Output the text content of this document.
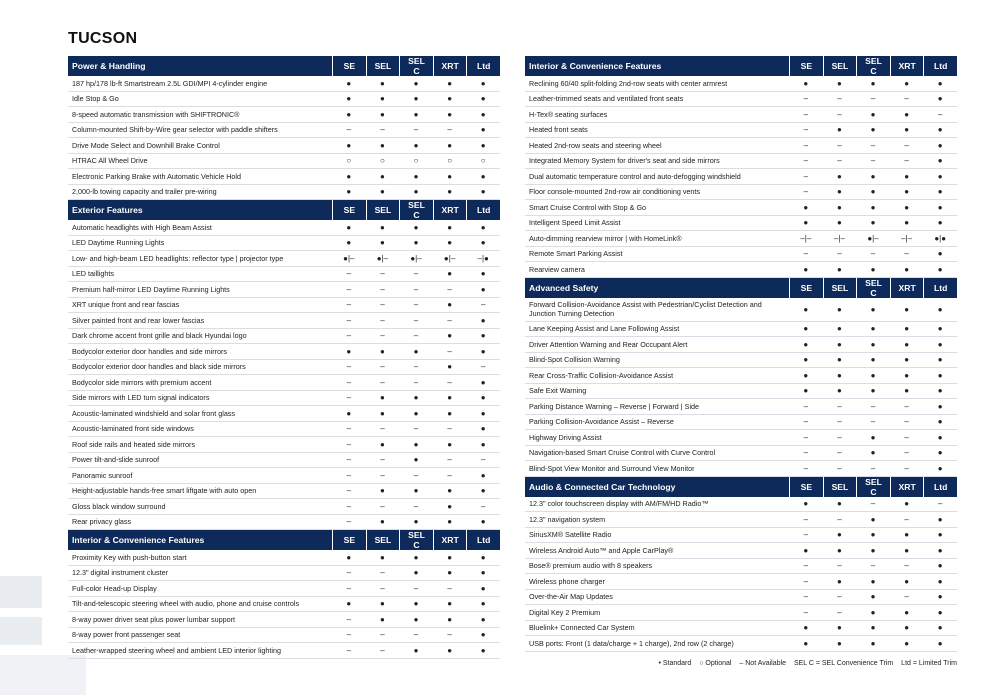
TUCSON
Power & Handling	SE	SEL	SEL C	XRT	Ltd
187 hp/178 lb-ft Smartstream 2.5L GDI/MPI 4-cylinder engine	●	●	●	●	●
Idle Stop & Go	●	●	●	●	●
8-speed automatic transmission with SHIFTRONIC®	●	●	●	●	●
Column-mounted Shift-by-Wire gear selector with paddle shifters	–	–	–	–	●
Drive Mode Select and Downhill Brake Control	●	●	●	●	●
HTRAC All Wheel Drive	○	○	○	○	○
Electronic Parking Brake with Automatic Vehicle Hold	●	●	●	●	●
2,000-lb towing capacity and trailer pre-wiring	●	●	●	●	●
Exterior Features	SE	SEL	SEL C	XRT	Ltd
Automatic headlights with High Beam Assist	●	●	●	●	●
LED Daytime Running Lights	●	●	●	●	●
Low- and high-beam LED headlights: reflector type | projector type	●|–	●|–	●|–	●|–	–|●
LED taillights	–	–	–	●	●
Premium half-mirror LED Daytime Running Lights	–	–	–	–	●
XRT unique front and rear fascias	–	–	–	●	–
Silver painted front and rear lower fascias	–	–	–	–	●
Dark chrome accent front grille and black Hyundai logo	–	–	–	●	●
Bodycolor exterior door handles and side mirrors	●	●	●	–	●
Bodycolor exterior door handles and black side mirrors	–	–	–	●	–
Bodycolor side mirrors with premium accent	–	–	–	–	●
Side mirrors with LED turn signal indicators	–	●	●	●	●
Acoustic-laminated windshield and solar front glass	●	●	●	●	●
Acoustic-laminated front side windows	–	–	–	–	●
Roof side rails and heated side mirrors	–	●	●	●	●
Power tilt-and-slide sunroof	–	–	●	–	–
Panoramic sunroof	–	–	–	–	●
Height-adjustable hands-free smart liftgate with auto open	–	●	●	●	●
Gloss black window surround	–	–	–	●	–
Rear privacy glass	–	●	●	●	●
Interior & Convenience Features	SE	SEL	SEL C	XRT	Ltd
Proximity Key with push-button start	●	●	●	●	●
12.3" digital instrument cluster	–	–	●	●	●
Full-color Head-up Display	–	–	–	–	●
Tilt-and-telescopic steering wheel with audio, phone and cruise controls	●	●	●	●	●
8-way power driver seat plus power lumbar support	–	●	●	●	●
8-way power front passenger seat	–	–	–	–	●
Leather-wrapped steering wheel and ambient LED interior lighting	–	–	●	●	●
Interior & Convenience Features	SE	SEL	SEL C	XRT	Ltd
Reclining 60/40 split-folding 2nd-row seats with center armrest	●	●	●	●	●
Leather-trimmed seats and ventilated front seats	–	–	–	–	●
H-Tex® seating surfaces	–	–	●	●	–
Heated front seats	–	●	●	●	●
Heated 2nd-row seats and steering wheel	–	–	–	–	●
Integrated Memory System for driver's seat and side mirrors	–	–	–	–	●
Dual automatic temperature control and auto-defogging windshield	–	●	●	●	●
Floor console-mounted 2nd-row air conditioning vents	–	●	●	●	●
Smart Cruise Control with Stop & Go	●	●	●	●	●
Intelligent Speed Limit Assist	●	●	●	●	●
Auto-dimming rearview mirror | with HomeLink®	–|–	–|–	●|–	–|–	●|●
Remote Smart Parking Assist	–	–	–	–	●
Rearview camera	●	●	●	●	●
Advanced Safety	SE	SEL	SEL C	XRT	Ltd
Forward Collision-Avoidance Assist with Pedestrian/Cyclist Detection and Junction Turning Detection	●	●	●	●	●
Lane Keeping Assist and Lane Following Assist	●	●	●	●	●
Driver Attention Warning and Rear Occupant Alert	●	●	●	●	●
Blind-Spot Collision Warning	●	●	●	●	●
Rear Cross-Traffic Collision-Avoidance Assist	●	●	●	●	●
Safe Exit Warning	●	●	●	●	●
Parking Distance Warning – Reverse | Forward | Side	–	–	–	–	●
Parking Collision-Avoidance Assist – Reverse	–	–	–	–	●
Highway Driving Assist	–	–	●	–	●
Navigation-based Smart Cruise Control with Curve Control	–	–	●	–	●
Blind-Spot View Monitor and Surround View Monitor	–	–	–	–	●
Audio & Connected Car Technology	SE	SEL	SEL C	XRT	Ltd
12.3" color touchscreen display with AM/FM/HD Radio™	●	●	–	●	–
12.3" navigation system	–	–	●	–	●
SiriusXM® Satellite Radio	–	●	●	●	●
Wireless Android Auto™ and Apple CarPlay®	●	●	●	●	●
Bose® premium audio with 8 speakers	–	–	–	–	●
Wireless phone charger	–	●	●	●	●
Over-the-Air Map Updates	–	–	●	–	●
Digital Key 2 Premium	–	–	●	●	●
Bluelink+ Connected Car System	●	●	●	●	●
USB ports: Front (1 data/charge + 1 charge), 2nd row (2 charge)	●	●	●	●	●
• Standard ○ Optional – Not Available SEL C = SEL Convenience Trim Ltd = Limited Trim
